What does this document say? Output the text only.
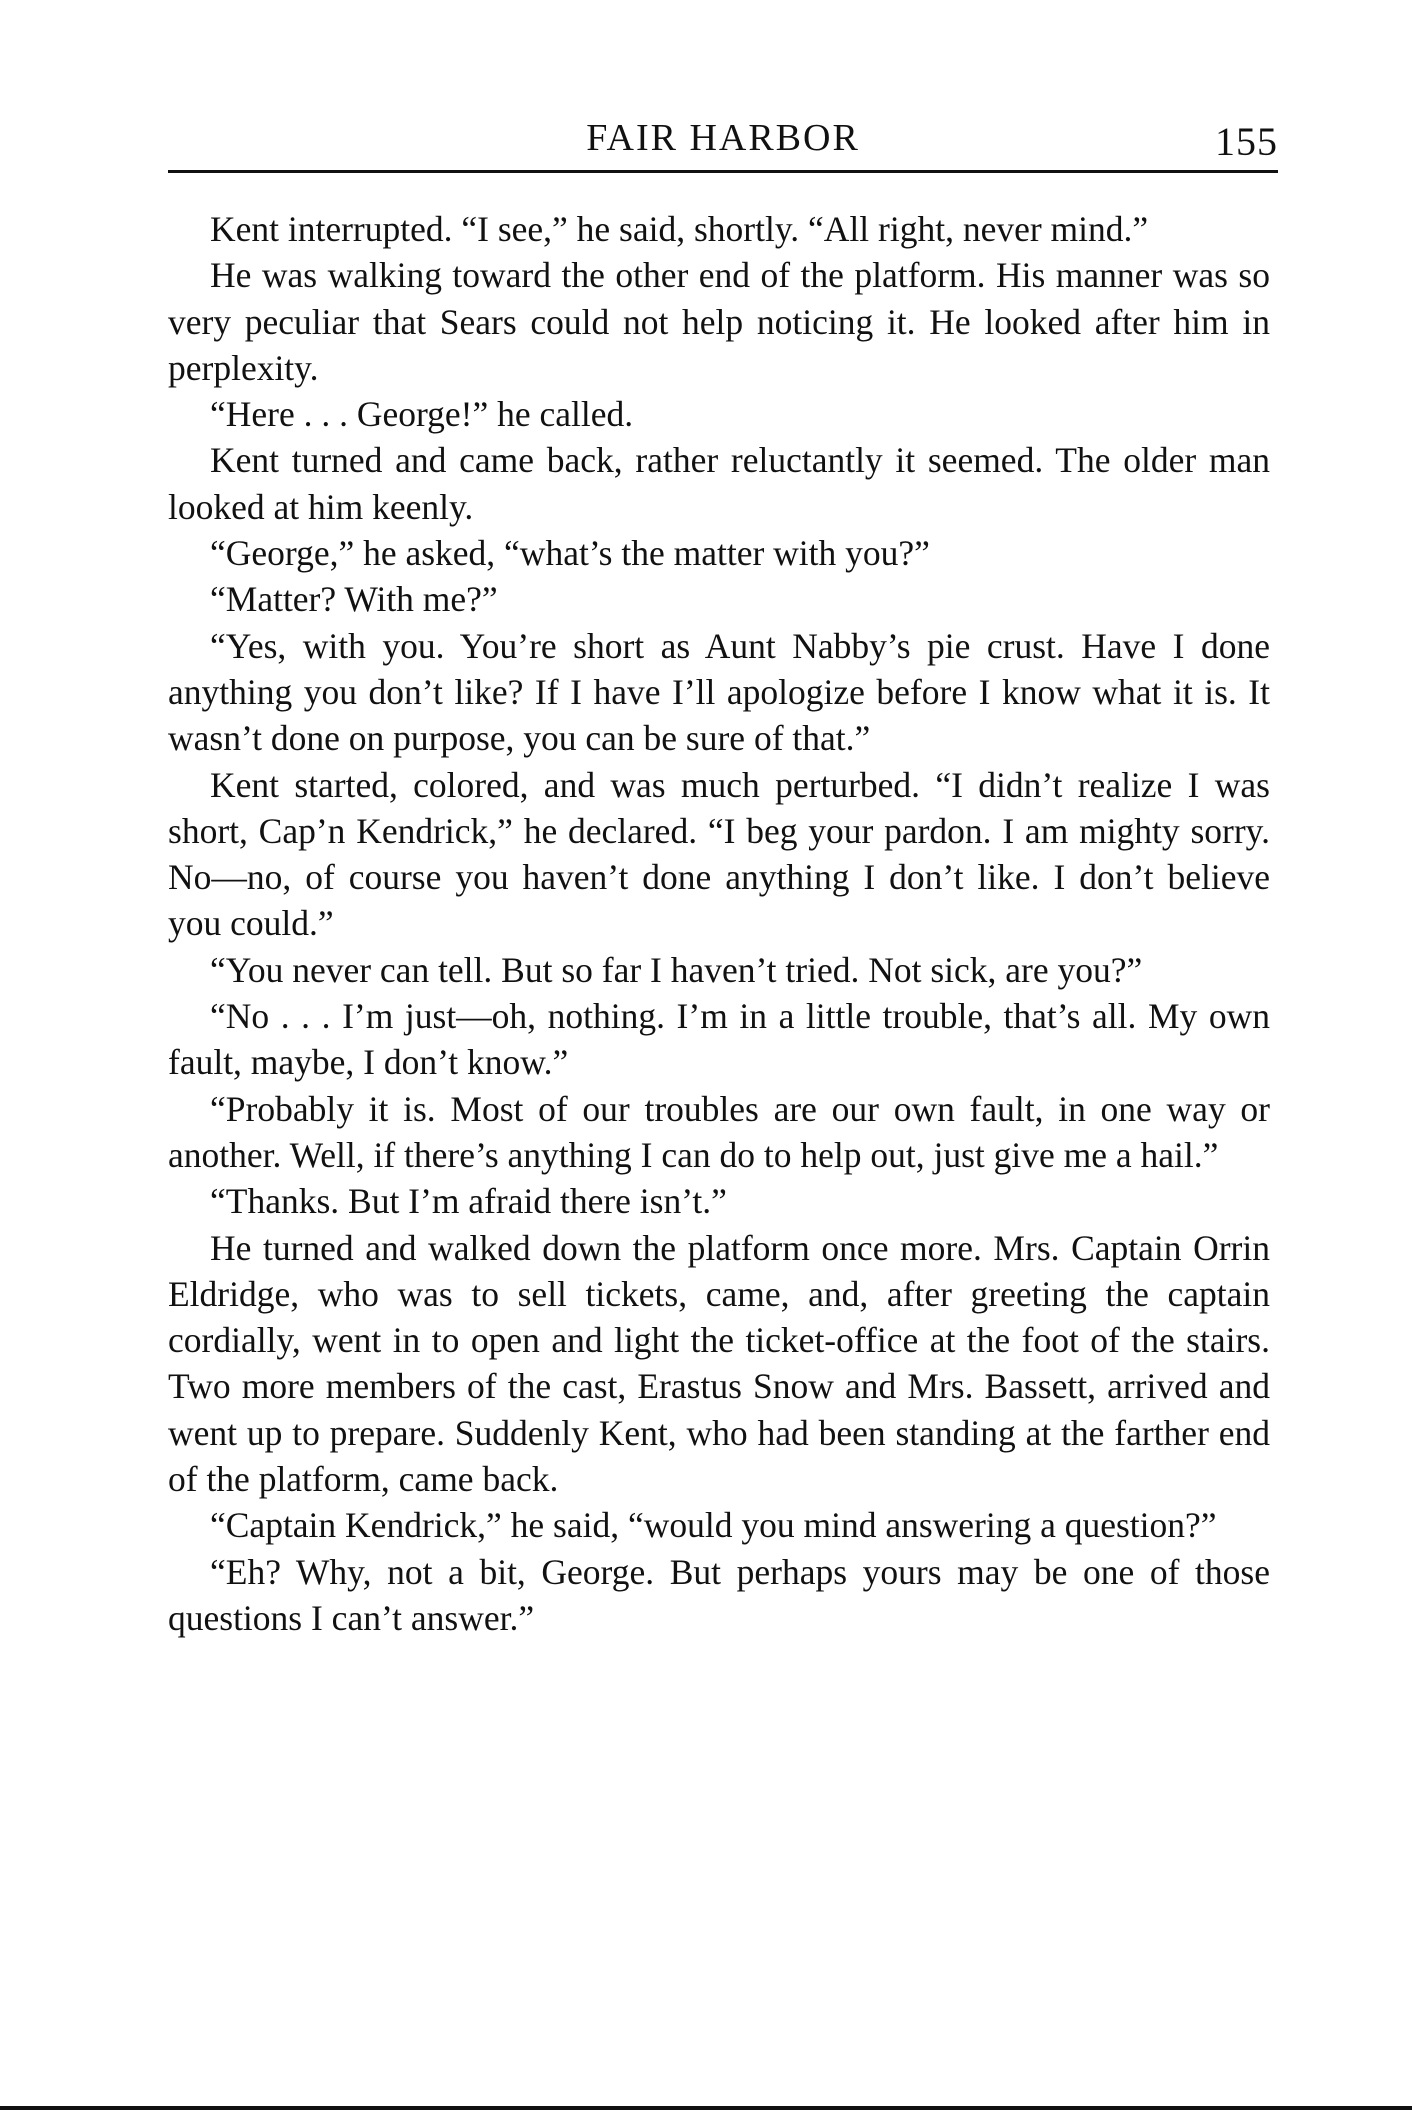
FAIR HARBOR	155

Kent interrupted. “I see,” he said, shortly. “All right, never mind.”

He was walking toward the other end of the platform. His manner was so very peculiar that Sears could not help noticing it. He looked after him in perplexity.

“Here . . . George!” he called.

Kent turned and came back, rather reluctantly it seemed. The older man looked at him keenly.

“George,” he asked, “what’s the matter with you?”

“Matter? With me?”

“Yes, with you. You’re short as Aunt Nabby’s pie crust. Have I done anything you don’t like? If I have I’ll apologize before I know what it is. It wasn’t done on purpose, you can be sure of that.”

Kent started, colored, and was much perturbed. “I didn’t realize I was short, Cap’n Kendrick,” he declared. “I beg your pardon. I am mighty sorry. No—no, of course you haven’t done anything I don’t like. I don’t believe you could.”

“You never can tell. But so far I haven’t tried. Not sick, are you?”

“No . . . I’m just—oh, nothing. I’m in a little trouble, that’s all. My own fault, maybe, I don’t know.”

“Probably it is. Most of our troubles are our own fault, in one way or another. Well, if there’s anything I can do to help out, just give me a hail.”

“Thanks. But I’m afraid there isn’t.”

He turned and walked down the platform once more. Mrs. Captain Orrin Eldridge, who was to sell tickets, came, and, after greeting the captain cordially, went in to open and light the ticket-office at the foot of the stairs. Two more members of the cast, Erastus Snow and Mrs. Bassett, arrived and went up to prepare. Suddenly Kent, who had been standing at the farther end of the platform, came back.

“Captain Kendrick,” he said, “would you mind answering a question?”

“Eh? Why, not a bit, George. But perhaps yours may be one of those questions I can’t answer.”
